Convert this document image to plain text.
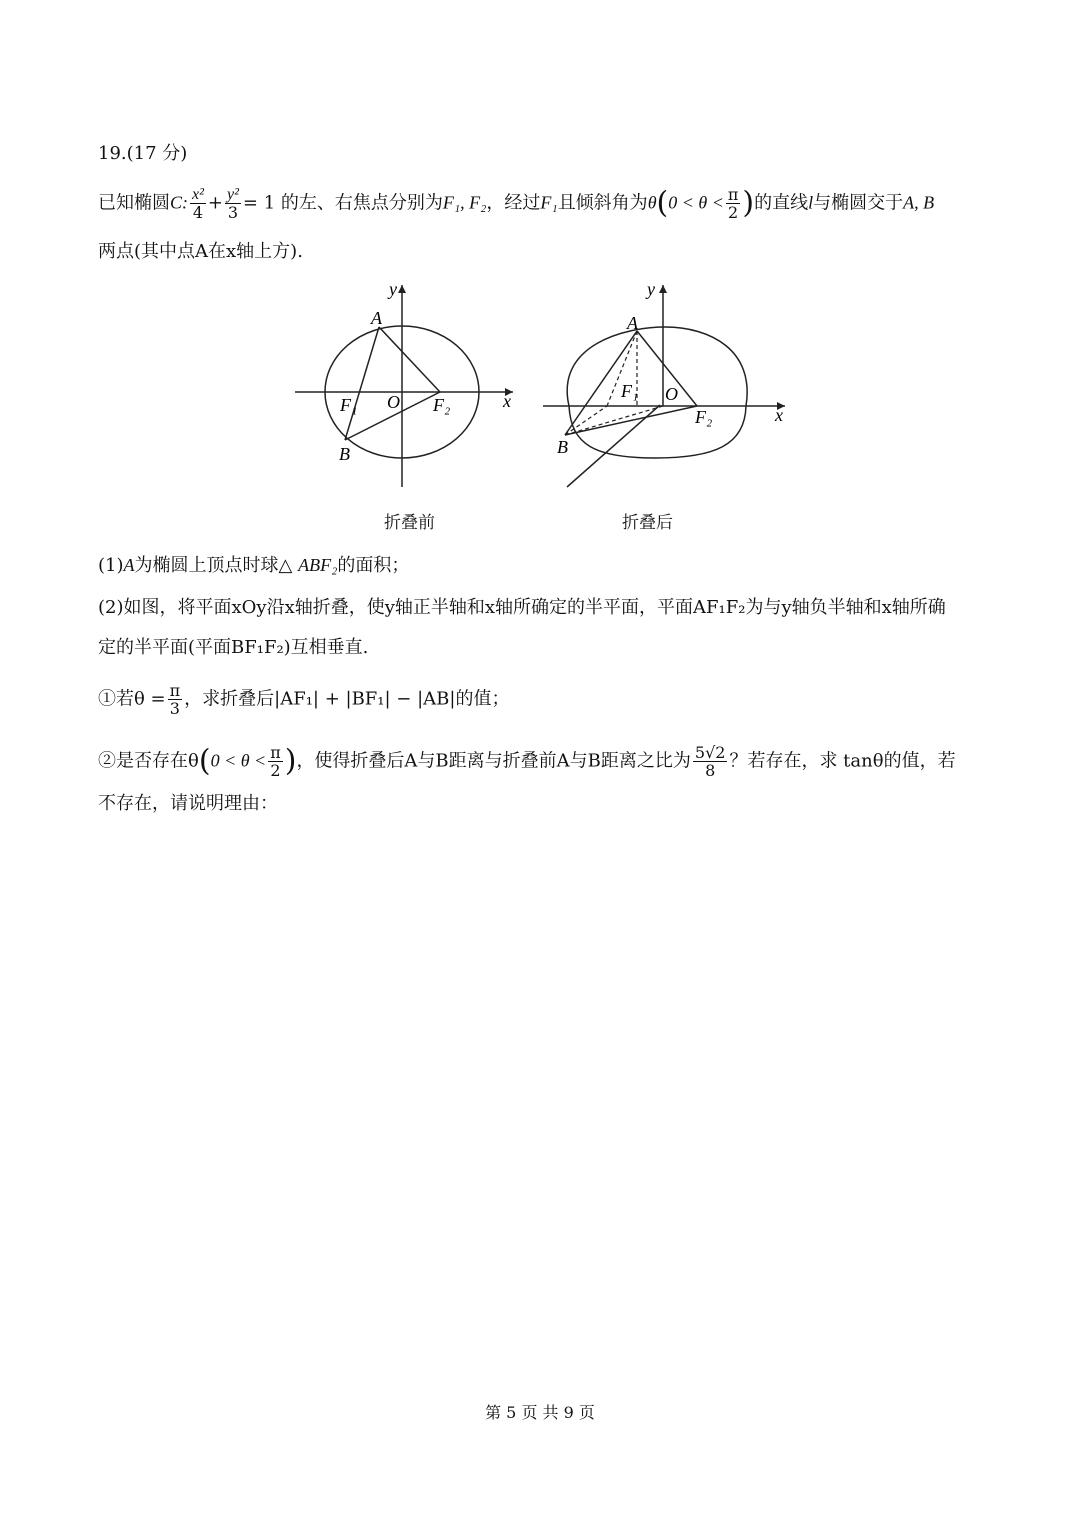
19.(17 分)
已知椭圆C: $\frac{\text{x²}}{4} + \frac{\text{y²}}{3} = 1$ 的左、右焦点分别为F₁, F₂，经过F₁且倾斜角为$\theta(0 < \theta < \frac{\pi}{2}$ )的直线l与椭圆交于A, B
两点(其中点A在x轴上方).
y
x
A
B
F₁ O F₂
y
x
A
B
F₁ O
F₂
折叠前	折叠后
(1)A为椭圆上顶点时球△ ABF₂的面积；
(2)如图，将平面xOy沿x轴折叠，使y轴正半轴和x轴所确定的半平面，平面AF₁F₂为与y轴负半轴和x轴所确
定的半平面(平面BF₁F₂)互相垂直.
①若$\theta = \frac{\pi}{3}$ ，求折叠后|AF₁| + |BF₁| − |AB|的值；
②是否存在$\theta(0 < \theta < \frac{\pi}{2}$ )，使得折叠后A与B距离与折叠前A与B距离之比为 $\frac{5√2}{8}$ ？若存在，求 tanθ的值，若
不存在，请说明理由：
第 5 页 共 9 页
